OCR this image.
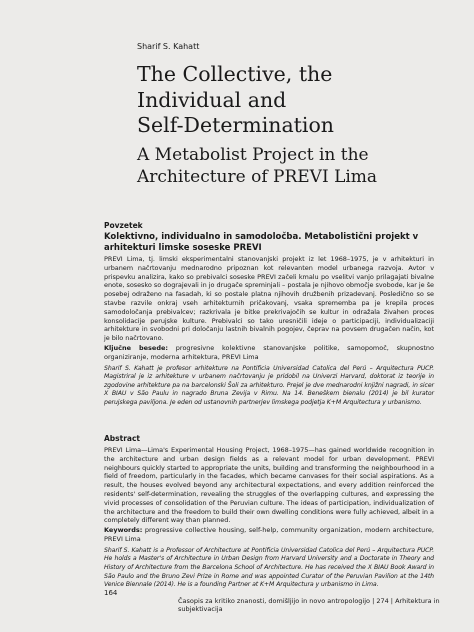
Sharif S. Kahatt
The Collective, the
Individual and
Self-Determination
A Metabolist Project in the
Architecture of PREVI Lima
Povzetek
Kolektivno, individualno in samodoločba. Metabolistični projekt v arhitekturi limske soseske PREVI

PREVI Lima, tj. limski eksperimentalni stanovanjski projekt iz let 1968–1975, je v arhitekturi in urbanem načrtovanju mednarodno pripoznan kot relevanten model urbanega razvoja. Avtor v prispevku analizira, kako so prebivalci soseske PREVI začeli kmalu po vselitvi vanjo prilagajati bivalne enote, sosesko so dograjevali in jo drugače spreminjali – postala je njihovo območje svobode, kar je še posebej odraženo na fasadah, ki so postale platna njihovih družbenih prizadevanj. Posledično so se stavbe razvile onkraj vseh arhitekturnih pričakovanj, vsaka sprememba pa je krepila proces samodoločanja prebivalcev; razkrivala je bitke prekrivajočih se kultur in odražala živahen proces konsolidacije perujske kulture. Prebivalci so tako uresničili ideje o participaciji, individualizaciji arhitekture in svobodni pri določanju lastnih bivalnih pogojev, čeprav na povsem drugačen način, kot je bilo načrtovano.

Ključne besede: progresivne kolektivne stanovanjske politike, samopomoč, skupnostno organiziranje, moderna arhitektura, PREVI Lima

Sharif S. Kahatt je profesor arhitekture na Pontificia Universidad Catolica del Perú – Arquitectura PUCP. Magistriral je iz arhitekture v urbanem načrtovanju je pridobil na Univerzi Harvard, doktorat iz teorije in zgodovine arhitekture pa na barcelonski Šoli za arhitekturo. Prejel je dve mednarodni knjižni nagradi, in sicer X BIAU v São Paulu in nagrado Bruna Zevija v Rimu. Na 14. Beneškem bienalu (2014) je bil kurator perujskega paviljona. Je eden od ustanovnih partnerjev limskega podjetja K+M Arquitectura y urbanismo.

Abstract

PREVI Lima—Lima's Experimental Housing Project, 1968–1975—has gained worldwide recognition in the architecture and urban design fields as a relevant model for urban development. PREVI neighbours quickly started to appropriate the units, building and transforming the neighbourhood in a field of freedom, particularly in the facades, which became canvases for their social aspirations. As a result, the houses evolved beyond any architectural expectations, and every addition reinforced the residents' self-determination, revealing the struggles of the overlapping cultures, and expressing the vivid processes of consolidation of the Peruvian culture. The ideas of participation, individualization of the architecture and the freedom to build their own dwelling conditions were fully achieved, albeit in a completely different way than planned.

Keywords: progressive collective housing, self-help, community organization, modern architecture, PREVI Lima

Sharif S. Kahatt is a Professor of Architecture at Pontificia Universidad Catolica del Perú – Arquitectura PUCP. He holds a Master's of Architecture in Urban Design from Harvard University and a Doctorate in Theory and History of Architecture from the Barcelona School of Architecture. He has received the X BIAU Book Award in São Paulo and the Bruno Zevi Prize in Rome and was appointed Curator of the Peruvian Pavilion at the 14th Venice Biennale (2014). He is a founding Partner at K+M Arquitectura y urbanismo in Lima.

164
Časopis za kritiko znanosti, domišljijo in novo antropologijo | 274 | Arhitektura in subjektivacija
